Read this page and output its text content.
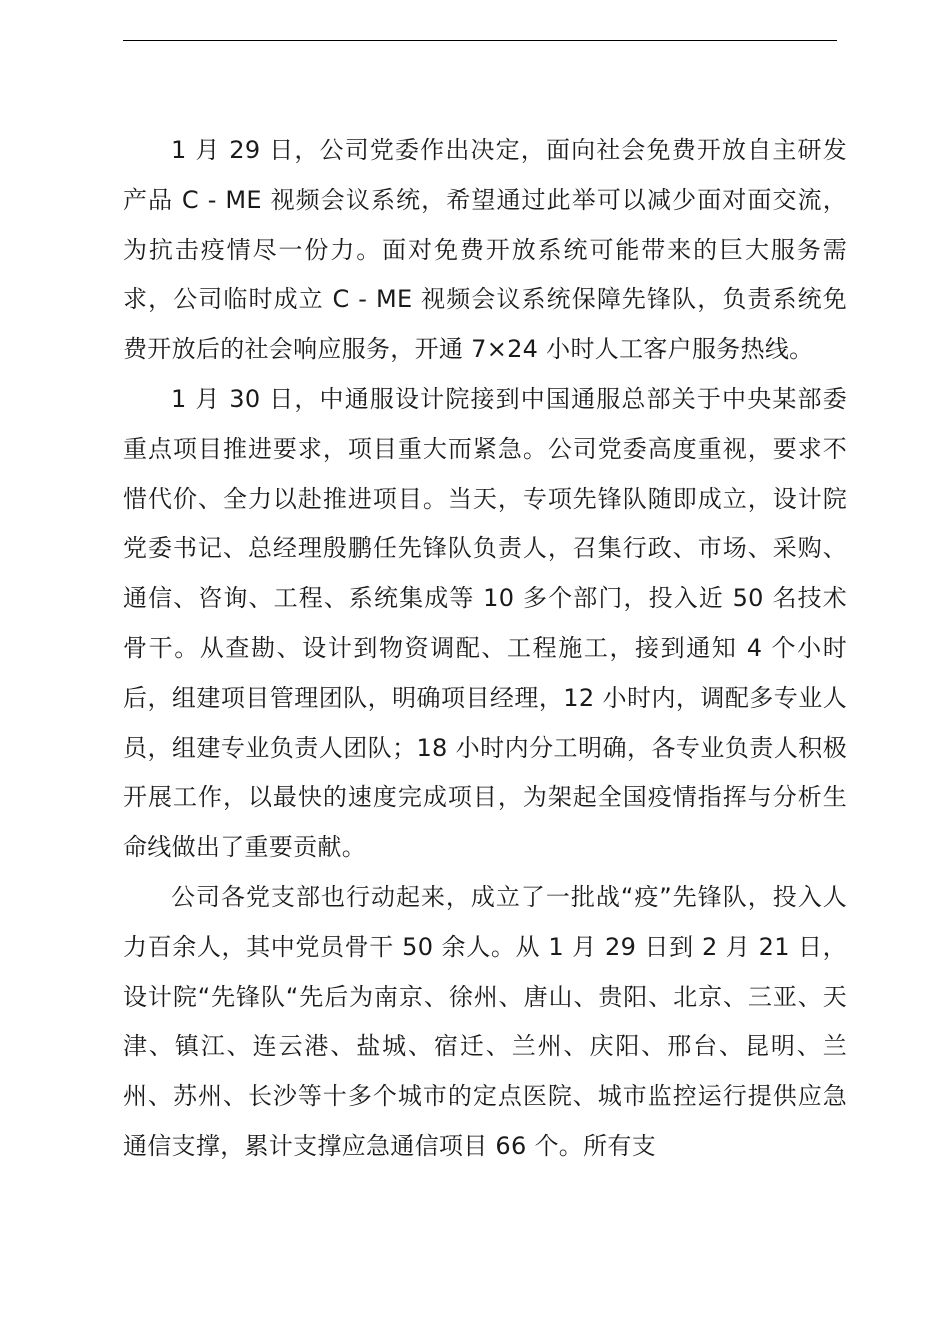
1 月 29 日，公司党委作出决定，面向社会免费开放自主研发产品 C - ME 视频会议系统，希望通过此举可以减少面对面交流，为抗击疫情尽一份力。面对免费开放系统可能带来的巨大服务需求，公司临时成立 C - ME 视频会议系统保障先锋队，负责系统免费开放后的社会响应服务，开通 7×24 小时人工客户服务热线。

1 月 30 日，中通服设计院接到中国通服总部关于中央某部委重点项目推进要求，项目重大而紧急。公司党委高度重视，要求不惜代价、全力以赴推进项目。当天，专项先锋队随即成立，设计院党委书记、总经理殷鹏任先锋队负责人，召集行政、市场、采购、通信、咨询、工程、系统集成等 10 多个部门，投入近 50 名技术骨干。从查勘、设计到物资调配、工程施工，接到通知 4 个小时后，组建项目管理团队，明确项目经理，12 小时内，调配多专业人员，组建专业负责人团队；18 小时内分工明确，各专业负责人积极开展工作，以最快的速度完成项目，为架起全国疫情指挥与分析生命线做出了重要贡献。

公司各党支部也行动起来，成立了一批战“疫”先锋队，投入人力百余人，其中党员骨干 50 余人。从 1 月 29 日到 2 月 21 日，设计院“先锋队“先后为南京、徐州、唐山、贵阳、北京、三亚、天津、镇江、连云港、盐城、宿迁、兰州、庆阳、邢台、昆明、兰州、苏州、长沙等十多个城市的定点医院、城市监控运行提供应急通信支撑，累计支撑应急通信项目 66 个。所有支
